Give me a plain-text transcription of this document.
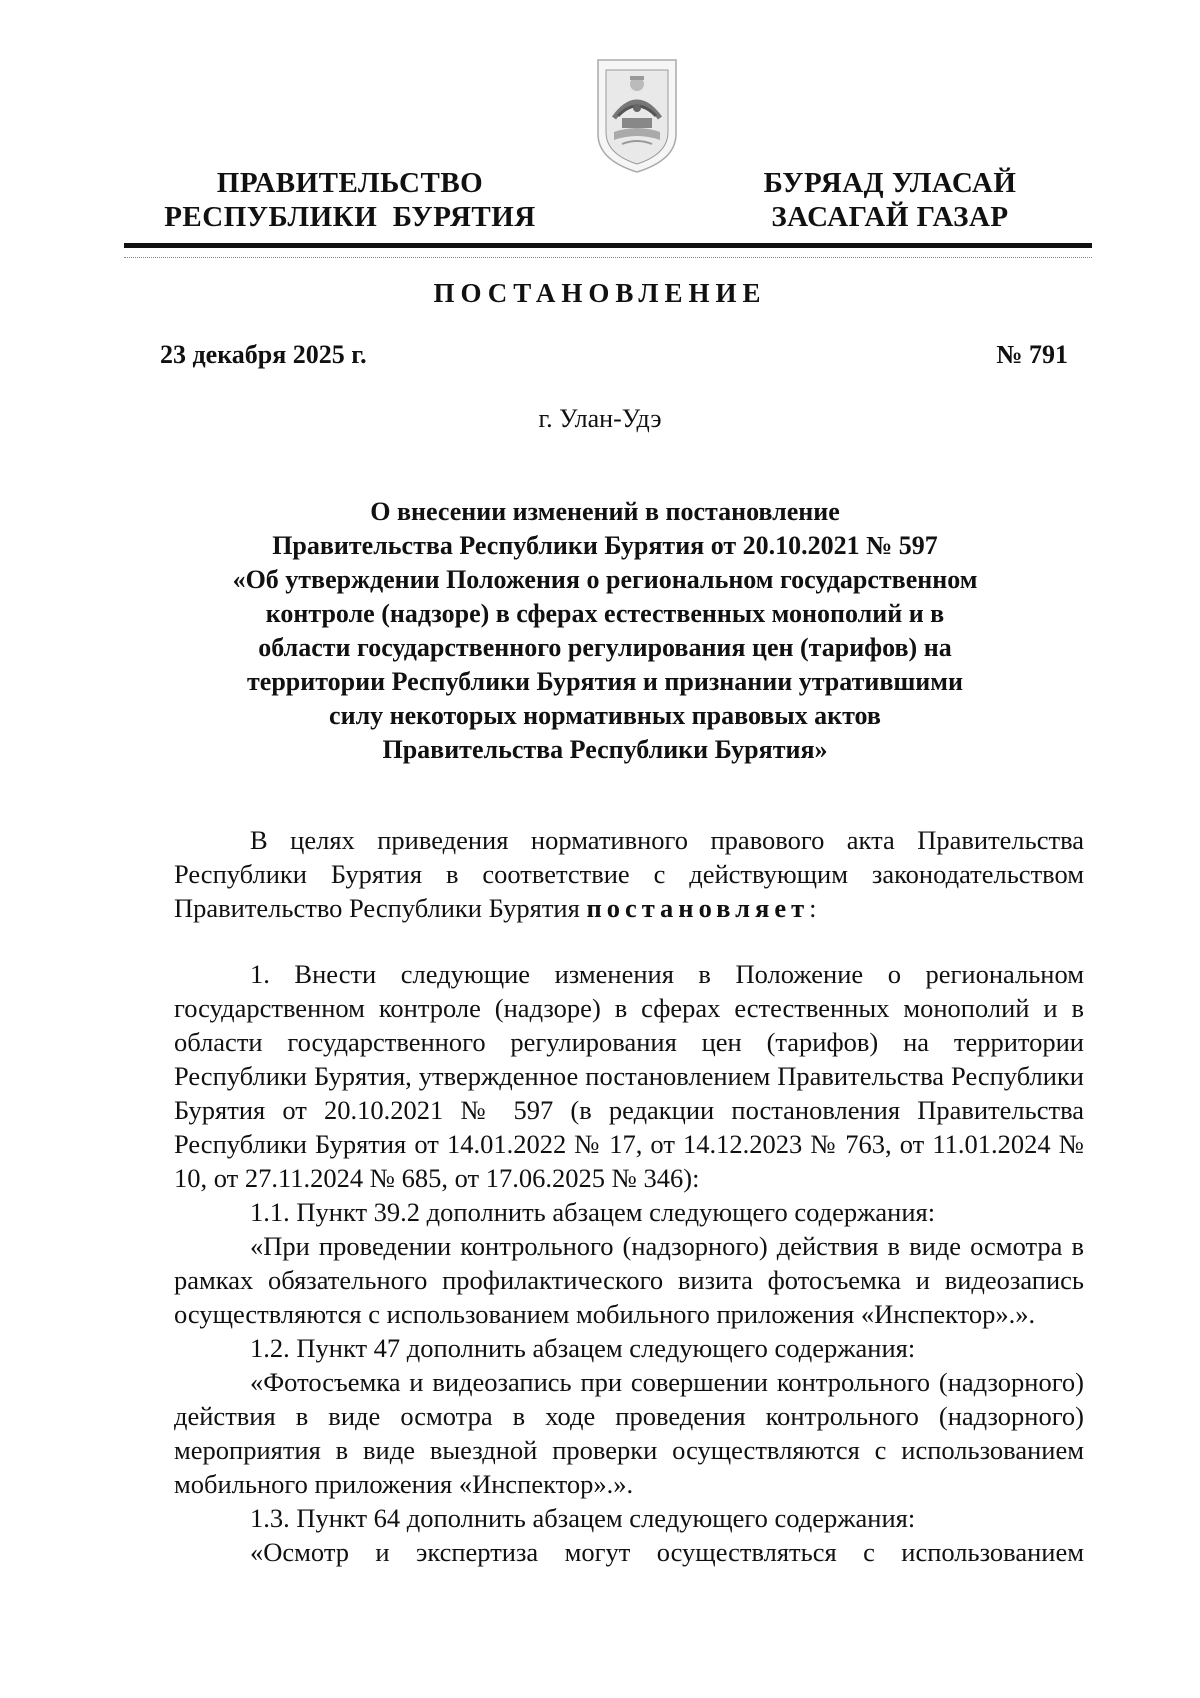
ПРАВИТЕЛЬСТВО
РЕСПУБЛИКИ  БУРЯТИЯ
БУРЯАД УЛАСАЙ
ЗАСАГАЙ ГАЗАР
ПОСТАНОВЛЕНИЕ
23 декабря 2025 г.	№ 791
г. Улан-Удэ
О внесении изменений в постановление
Правительства Республики Бурятия от 20.10.2021 № 597
«Об утверждении Положения о региональном государственном
контроле (надзоре) в сферах естественных монополий и в
области государственного регулирования цен (тарифов) на
территории Республики Бурятия и признании утратившими
силу некоторых нормативных правовых актов
Правительства Республики Бурятия»

В целях приведения нормативного правового акта Правительства Республики Бурятия в соответствие с действующим законодательством Правительство Республики Бурятия постановляет:

1. Внести следующие изменения в Положение о региональном государственном контроле (надзоре) в сферах естественных монополий и в области государственного регулирования цен (тарифов) на территории Республики Бурятия, утвержденное постановлением Правительства Республики Бурятия от 20.10.2021 № 597 (в редакции постановления Правительства Республики Бурятия от 14.01.2022 № 17, от 14.12.2023 № 763, от 11.01.2024 № 10, от 27.11.2024 № 685, от 17.06.2025 № 346):

1.1. Пункт 39.2 дополнить абзацем следующего содержания:

«При проведении контрольного (надзорного) действия в виде осмотра в рамках обязательного профилактического визита фотосъемка и видеозапись осуществляются с использованием мобильного приложения «Инспектор».».

1.2. Пункт 47 дополнить абзацем следующего содержания:

«Фотосъемка и видеозапись при совершении контрольного (надзорного) действия в виде осмотра в ходе проведения контрольного (надзорного) мероприятия в виде выездной проверки осуществляются с использованием мобильного приложения «Инспектор».».

1.3. Пункт 64 дополнить абзацем следующего содержания:

«Осмотр и экспертиза могут осуществляться с использованием
